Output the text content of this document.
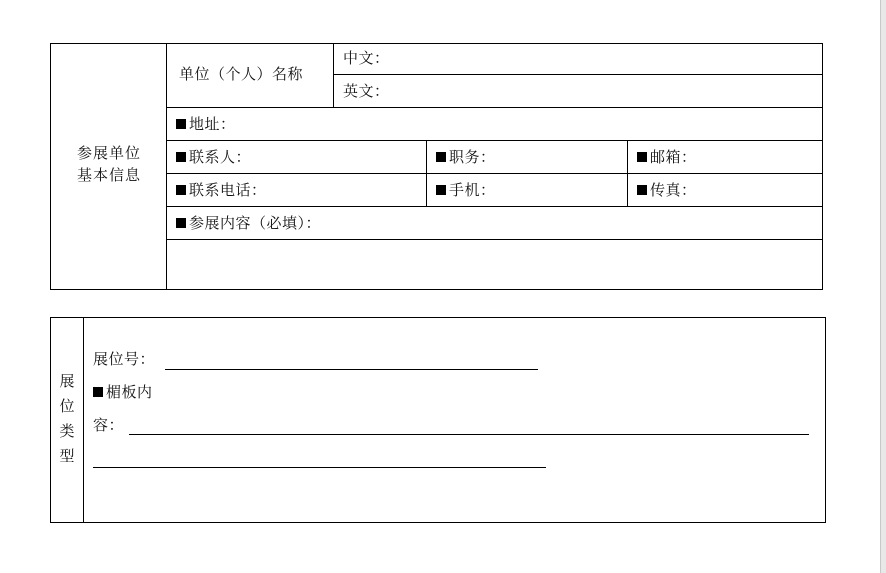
参展单位
基本信息
单位（个人）名称
中文：
英文：
地址：
联系人：	职务：	邮箱：
联系电话：	手机：	传真：
参展内容（必填）：
展
位
类
型
展位号：
楣板内
容：
